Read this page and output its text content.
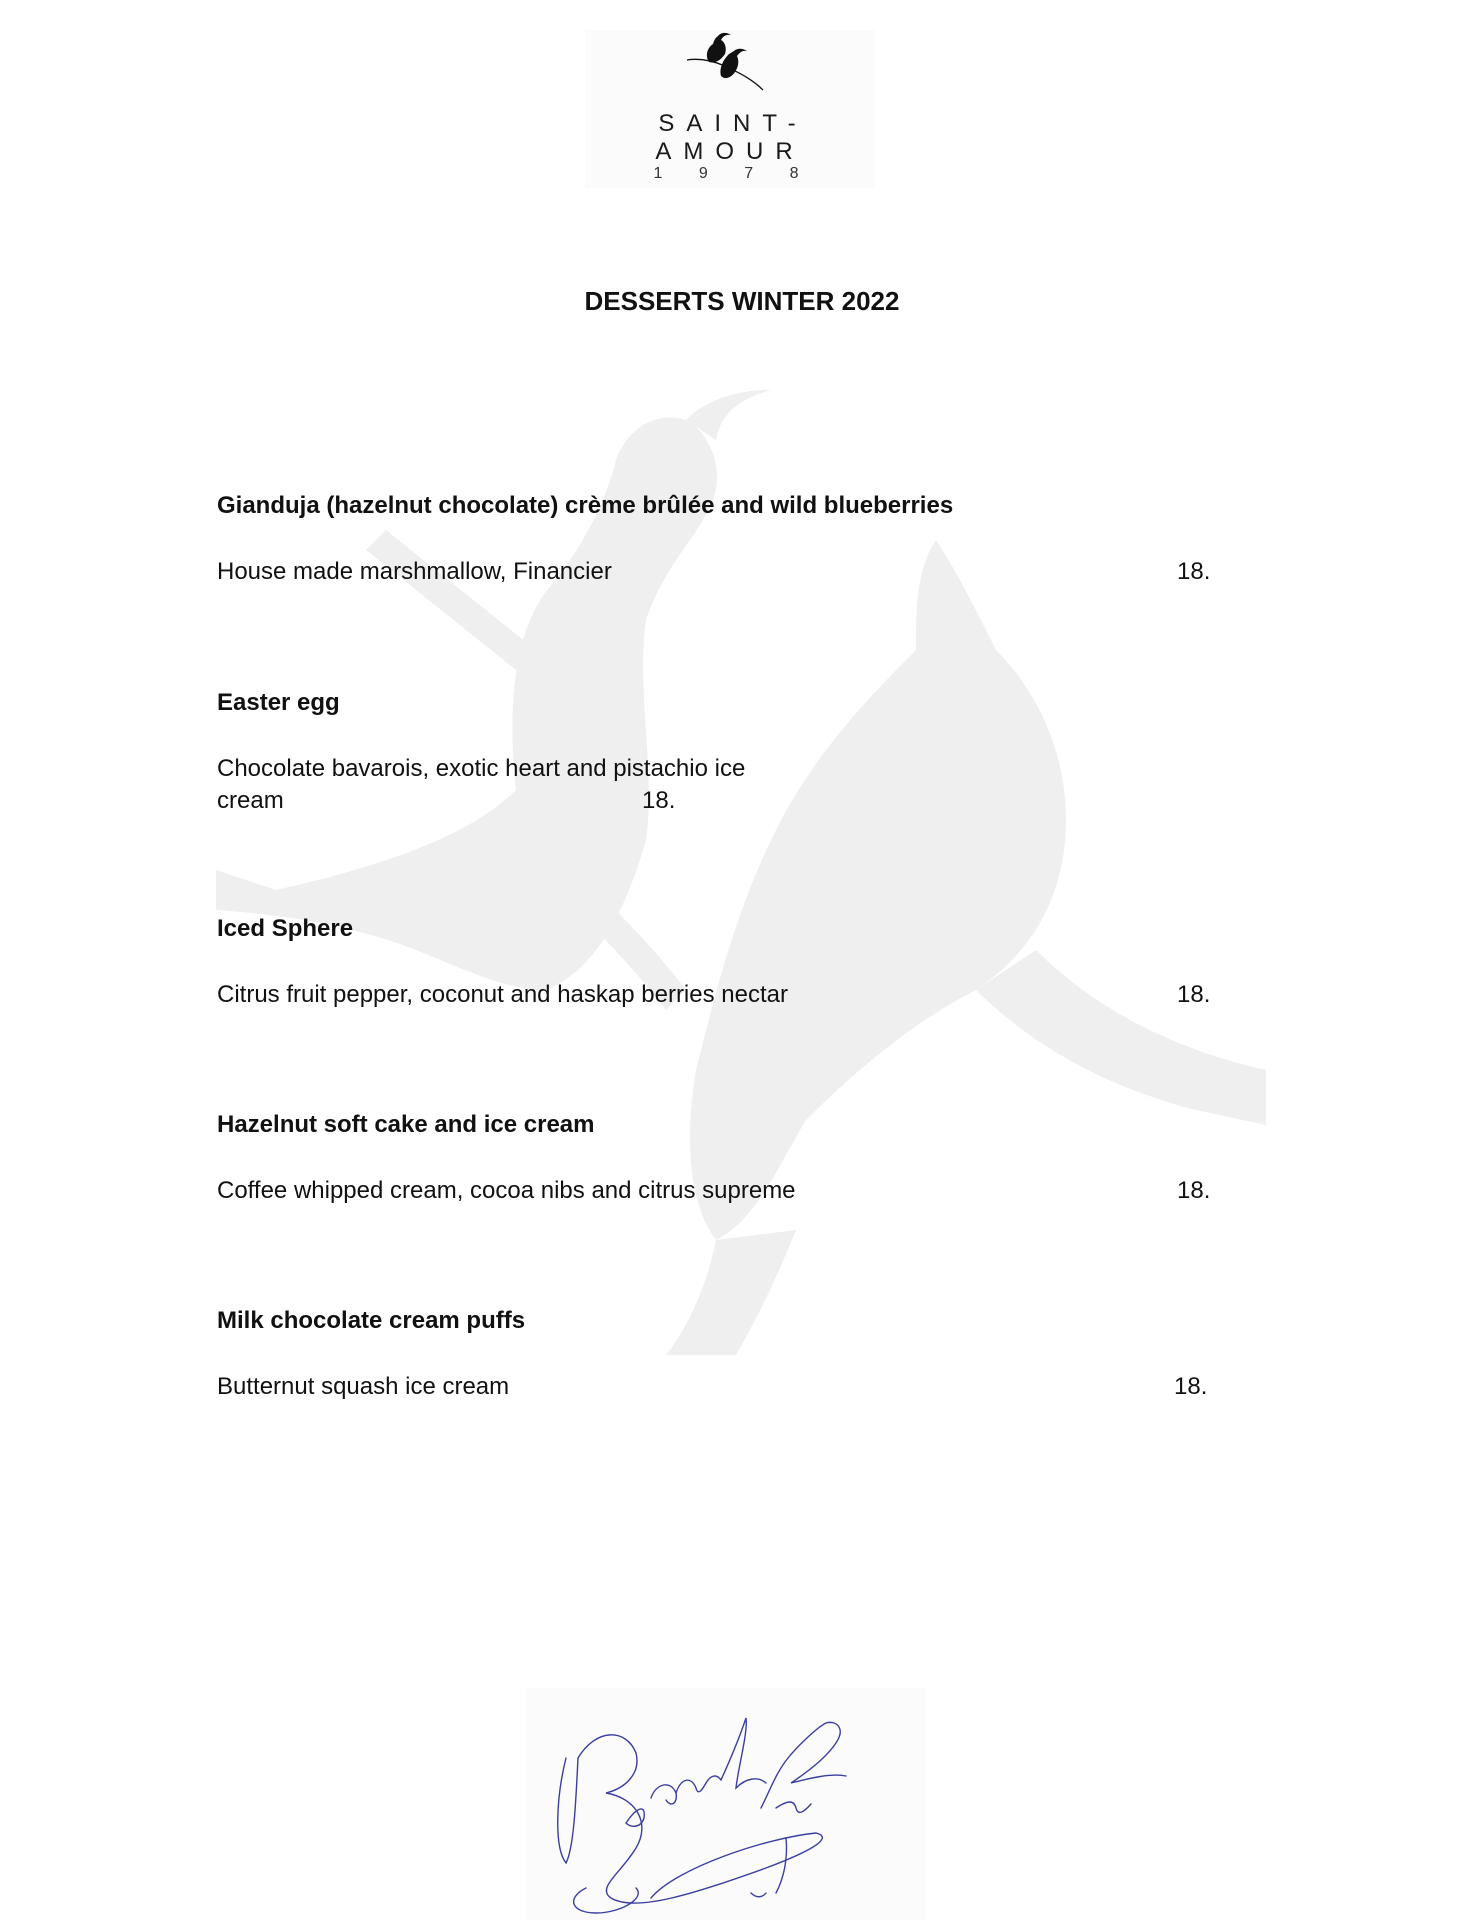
SAINT-AMOUR
1 9 7 8
DESSERTS WINTER 2022
Gianduja (hazelnut chocolate) crème brûlée and wild blueberries
House made marshmallow, Financier	18.
Easter egg
Chocolate bavarois, exotic heart and pistachio ice
cream	18.
Iced Sphere
Citrus fruit pepper, coconut and haskap berries nectar	18.
Hazelnut soft cake and ice cream
Coffee whipped cream, cocoa nibs and citrus supreme	18.
Milk chocolate cream puffs
Butternut squash ice cream	18.
